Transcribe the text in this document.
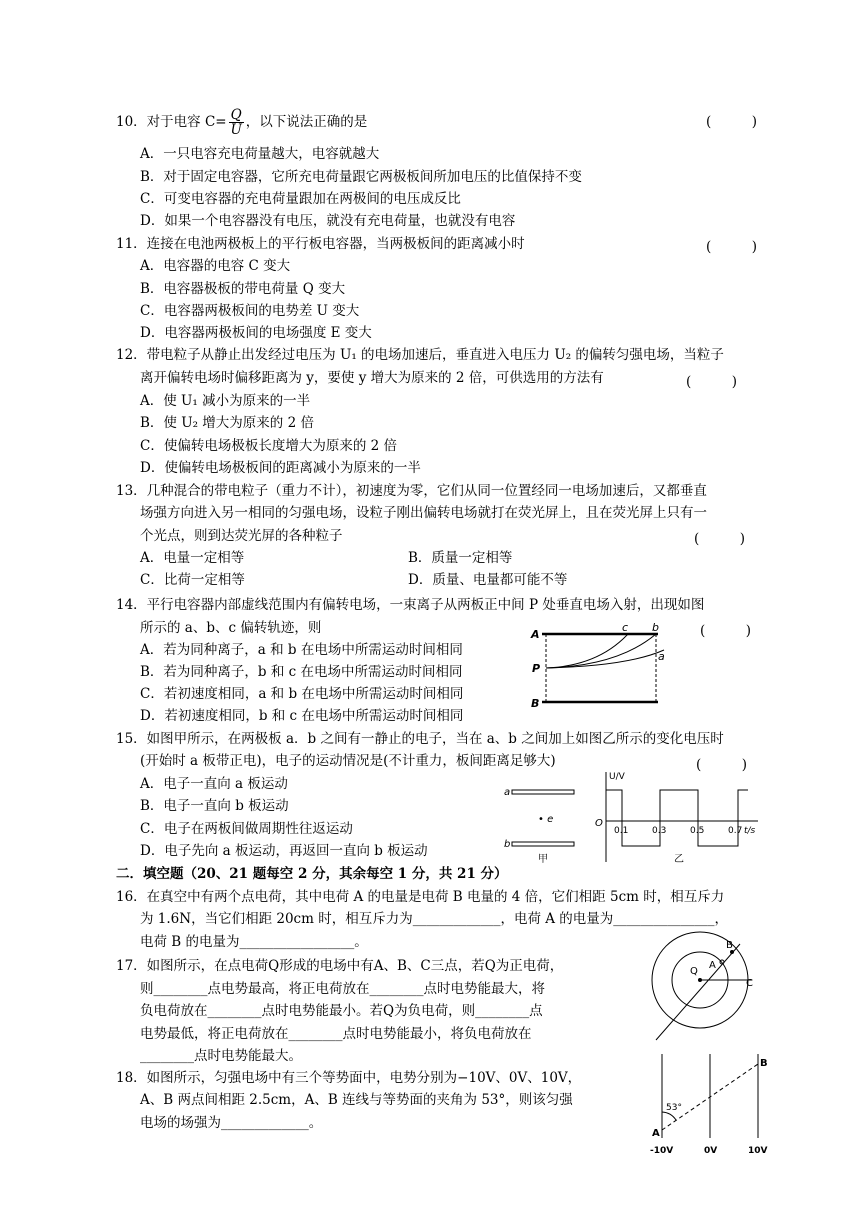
10．对于电容 $C= \frac{Q}{U}$ ，以下说法正确的是	(　　　)
A．一只电容充电荷量越大，电容就越大
B．对于固定电容器，它所充电荷量跟它两极板间所加电压的比值保持不变
C．可变电容器的充电荷量跟加在两极间的电压成反比
D．如果一个电容器没有电压，就没有充电荷量，也就没有电容
11．连接在电池两极板上的平行板电容器，当两极板间的距离减小时	(　　　)
A．电容器的电容 C 变大
B．电容器极板的带电荷量 Q 变大
C．电容器两极板间的电势差 U 变大
D．电容器两极板间的电场强度 E 变大
12．带电粒子从静止出发经过电压为 U₁ 的电场加速后，垂直进入电压力 U₂ 的偏转匀强电场，当粒子
离开偏转电场时偏移距离为 y，要使 y 增大为原来的 2 倍，可供选用的方法有	(　　　)
A．使 U₁ 减小为原来的一半
B．使 U₂ 增大为原来的 2 倍
C．使偏转电场极板长度增大为原来的 2 倍
D．使偏转电场极板间的距离减小为原来的一半
13．几种混合的带电粒子（重力不计），初速度为零，它们从同一位置经同一电场加速后，又都垂直
场强方向进入另一相同的匀强电场，设粒子刚出偏转电场就打在荧光屏上，且在荧光屏上只有一
个光点，则到达荧光屏的各种粒子	(　　　)
A．电量一定相等	B．质量一定相等
C．比荷一定相等	D．质量、电量都可能不等
14．平行电容器内部虚线范围内有偏转电场，一束离子从两板正中间 P 处垂直电场入射，出现如图
所示的 a、b、c 偏转轨迹，则	(　　　)
A．若为同种离子，a 和 b 在电场中所需运动时间相同
B．若为同种离子，b 和 c 在电场中所需运动时间相同
C．若初速度相同，a 和 b 在电场中所需运动时间相同
D．若初速度相同，b 和 c 在电场中所需运动时间相同
A
P
B
c b
a
15．如图甲所示，在两极板 a．b 之间有一静止的电子，当在 a、b 之间加上如图乙所示的变化电压时
(开始时 a 板带正电)，电子的运动情况是(不计重力，板间距离足够大)	(　　　)
A．电子一直向 a 板运动
B．电子一直向 b 板运动
C．电子在两板间做周期性往返运动
D．电子先向 a 板运动，再返回一直向 b 板运动
a
b
• e
甲
U/V
O
0.1	0.3	0.5	0.7 t/s
乙
二．填空题（20、21 题每空 2 分，其余每空 1 分，共 21 分）
16．在真空中有两个点电荷，其中电荷 A 的电量是电荷 B 电量的 4 倍，它们相距 5cm 时，相互斥力
为 1.6N，当它们相距 20cm 时，相互斥力为_____________，电荷 A 的电量为_______________，
电荷 B 的电量为_________________。
17．如图所示，在点电荷Q形成的电场中有A、B、C三点，若Q为正电荷，
则________点电势最高，将正电荷放在________点时电势能最大，将
负电荷放在________点时电势能最小。若Q为负电荷，则________点
电势最低，将正电荷放在________点时电势能最小，将负电荷放在
________点时电势能最大。
Q
A
B
C
18．如图所示，匀强电场中有三个等势面中，电势分别为−10V、0V、10V，
A、B 两点间相距 2.5cm，A、B 连线与等势面的夹角为 53°，则该匀强
电场的场强为_____________。
53°
A
B
-10V	0V	10V
